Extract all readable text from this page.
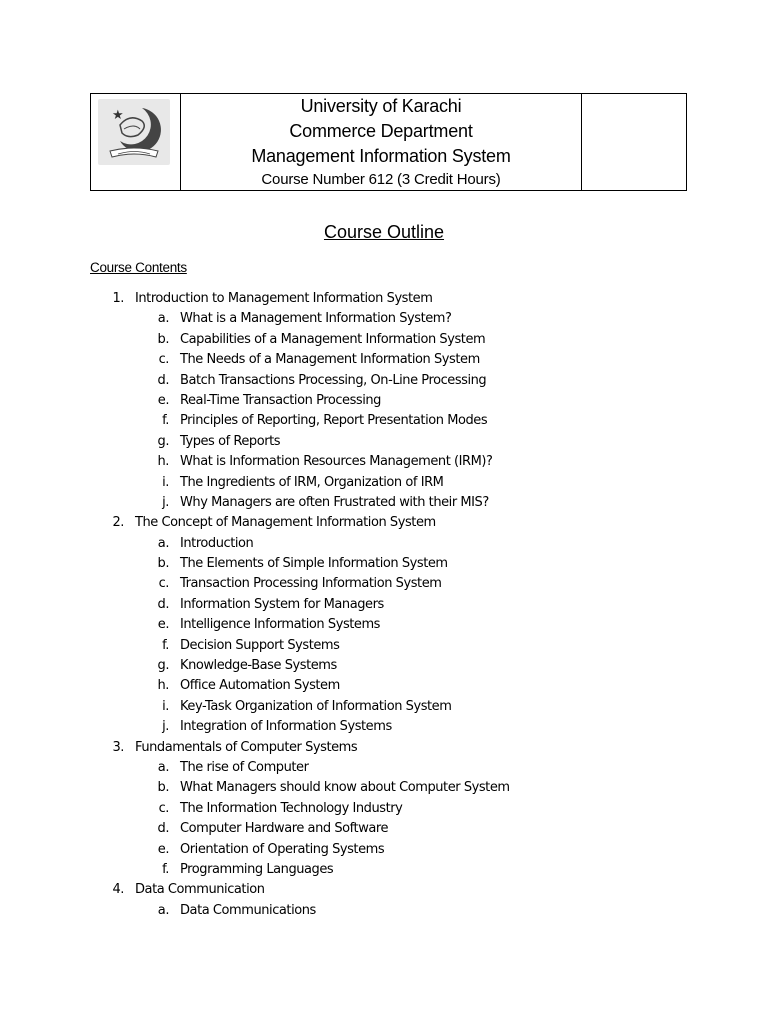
★	University of Karachi
Commerce Department
Management Information System
Course Number 612 (3 Credit Hours)

Course Outline
Course Contents
1. Introduction to Management Information System
a. What is a Management Information System?
b. Capabilities of a Management Information System
c. The Needs of a Management Information System
d. Batch Transactions Processing, On-Line Processing
e. Real-Time Transaction Processing
f. Principles of Reporting, Report Presentation Modes
g. Types of Reports
h. What is Information Resources Management (IRM)?
i. The Ingredients of IRM, Organization of IRM
j. Why Managers are often Frustrated with their MIS?
2. The Concept of Management Information System
a. Introduction
b. The Elements of Simple Information System
c. Transaction Processing Information System
d. Information System for Managers
e. Intelligence Information Systems
f. Decision Support Systems
g. Knowledge-Base Systems
h. Office Automation System
i. Key-Task Organization of Information System
j. Integration of Information Systems
3. Fundamentals of Computer Systems
a. The rise of Computer
b. What Managers should know about Computer System
c. The Information Technology Industry
d. Computer Hardware and Software
e. Orientation of Operating Systems
f. Programming Languages
4. Data Communication
a. Data Communications
